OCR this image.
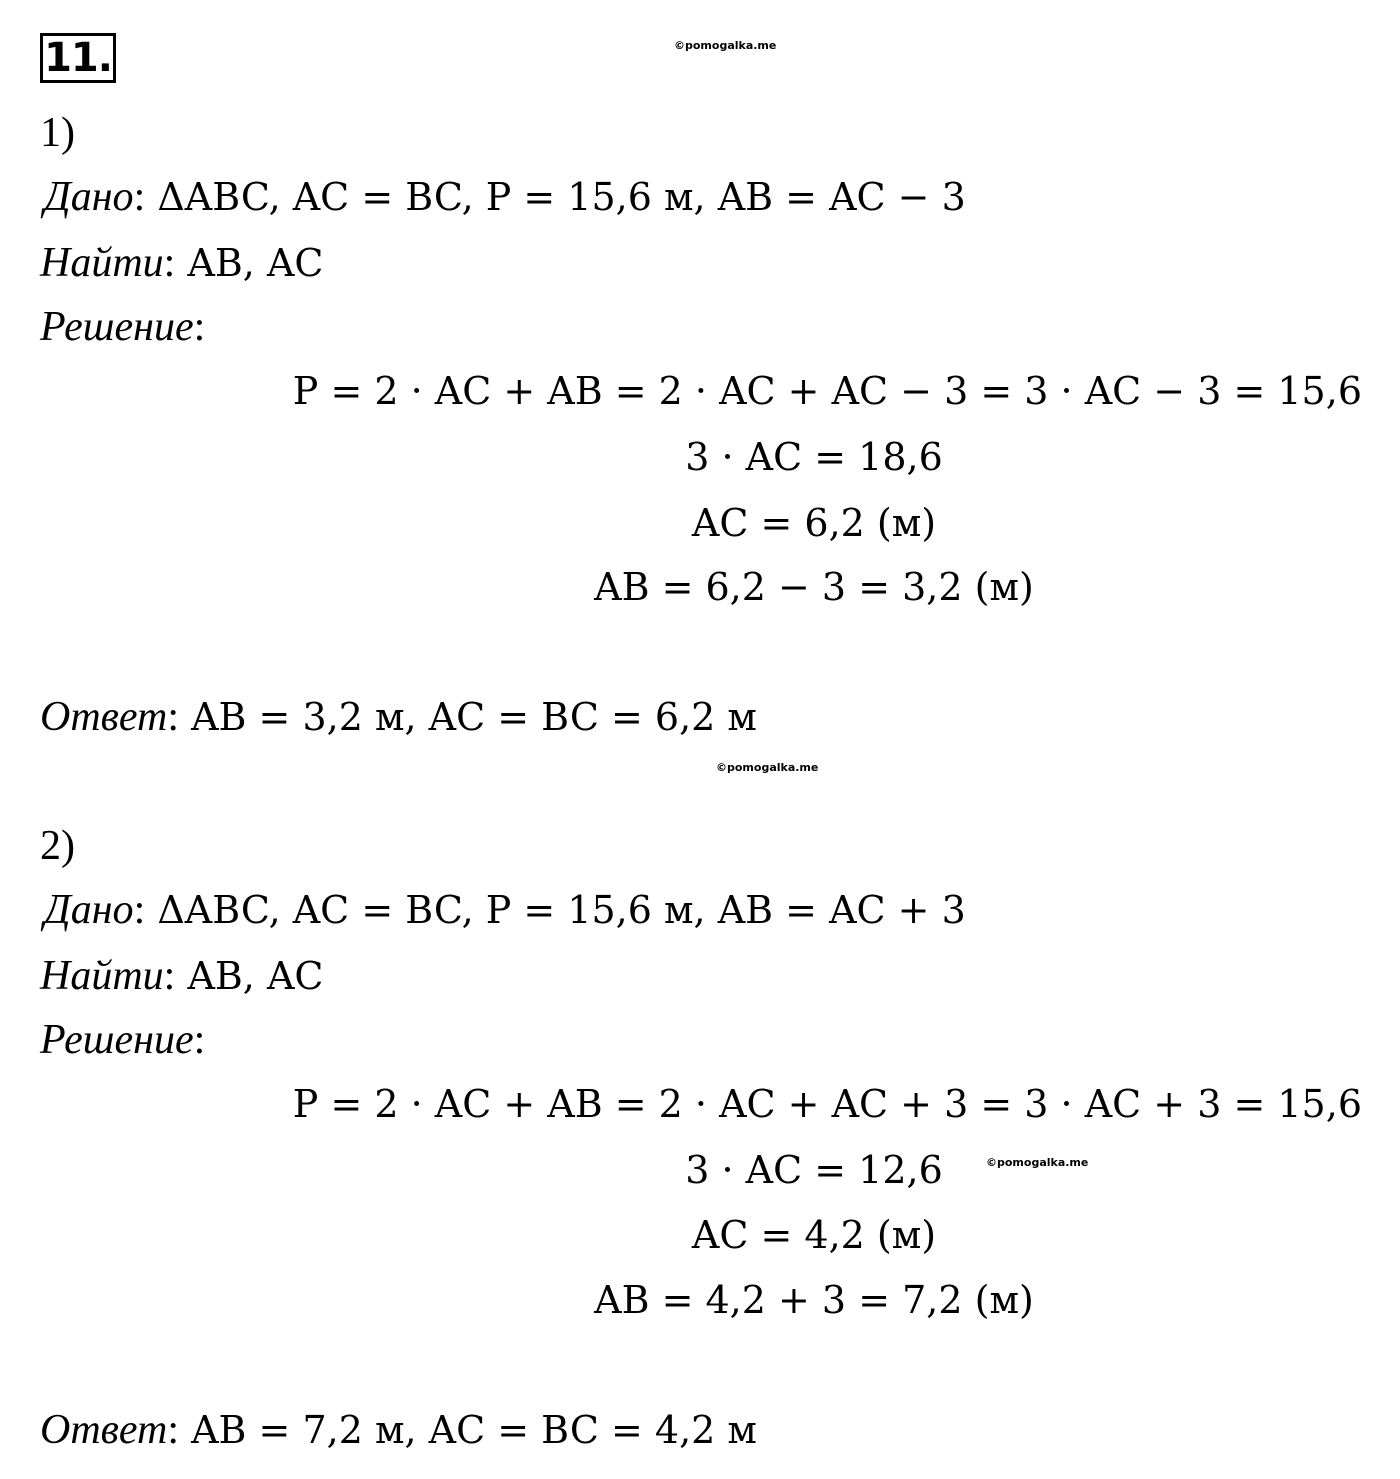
11.	©pomogalka.me
1)
Дано: ΔABC, AC = BC, P = 15,6 м, AB = AC − 3
Найти: AB, AC
Решение:
P = 2 · AC + AB = 2 · AC + AC − 3 = 3 · AC − 3 = 15,6
3 · AC = 18,6
AC = 6,2 (м)
AB = 6,2 − 3 = 3,2 (м)
Ответ: AB = 3,2 м, AC = BC = 6,2 м
©pomogalka.me
2)
Дано: ΔABC, AC = BC, P = 15,6 м, AB = AC + 3
Найти: AB, AC
Решение:
P = 2 · AC + AB = 2 · AC + AC + 3 = 3 · AC + 3 = 15,6
3 · AC = 12,6	©pomogalka.me
AC = 4,2 (м)
AB = 4,2 + 3 = 7,2 (м)
Ответ: AB = 7,2 м, AC = BC = 4,2 м
